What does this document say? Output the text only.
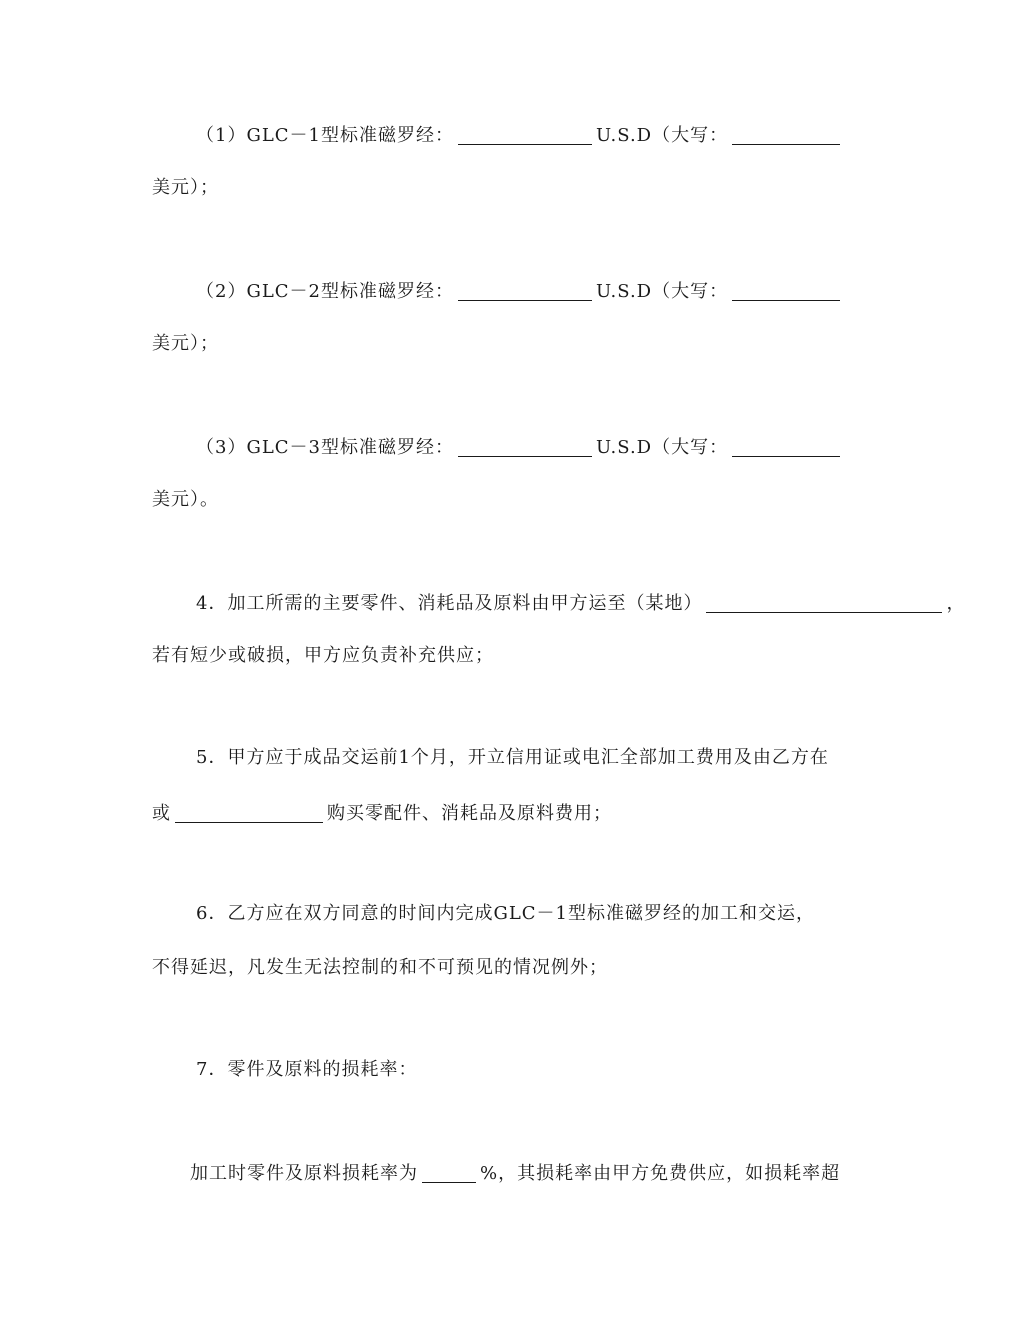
（1）GLC－1型标准磁罗经：	U.S.D（大写：
美元）；
（2）GLC－2型标准磁罗经：	U.S.D（大写：
美元）；
（3）GLC－3型标准磁罗经：	U.S.D（大写：
美元）。
4．加工所需的主要零件、消耗品及原料由甲方运至（某地）	，
若有短少或破损，甲方应负责补充供应；
5．甲方应于成品交运前1个月，开立信用证或电汇全部加工费用及由乙方在
或	购买零配件、消耗品及原料费用；
6．乙方应在双方同意的时间内完成GLC－1型标准磁罗经的加工和交运，
不得延迟，凡发生无法控制的和不可预见的情况例外；
7．零件及原料的损耗率：
加工时零件及原料损耗率为	%，其损耗率由甲方免费供应，如损耗率超
